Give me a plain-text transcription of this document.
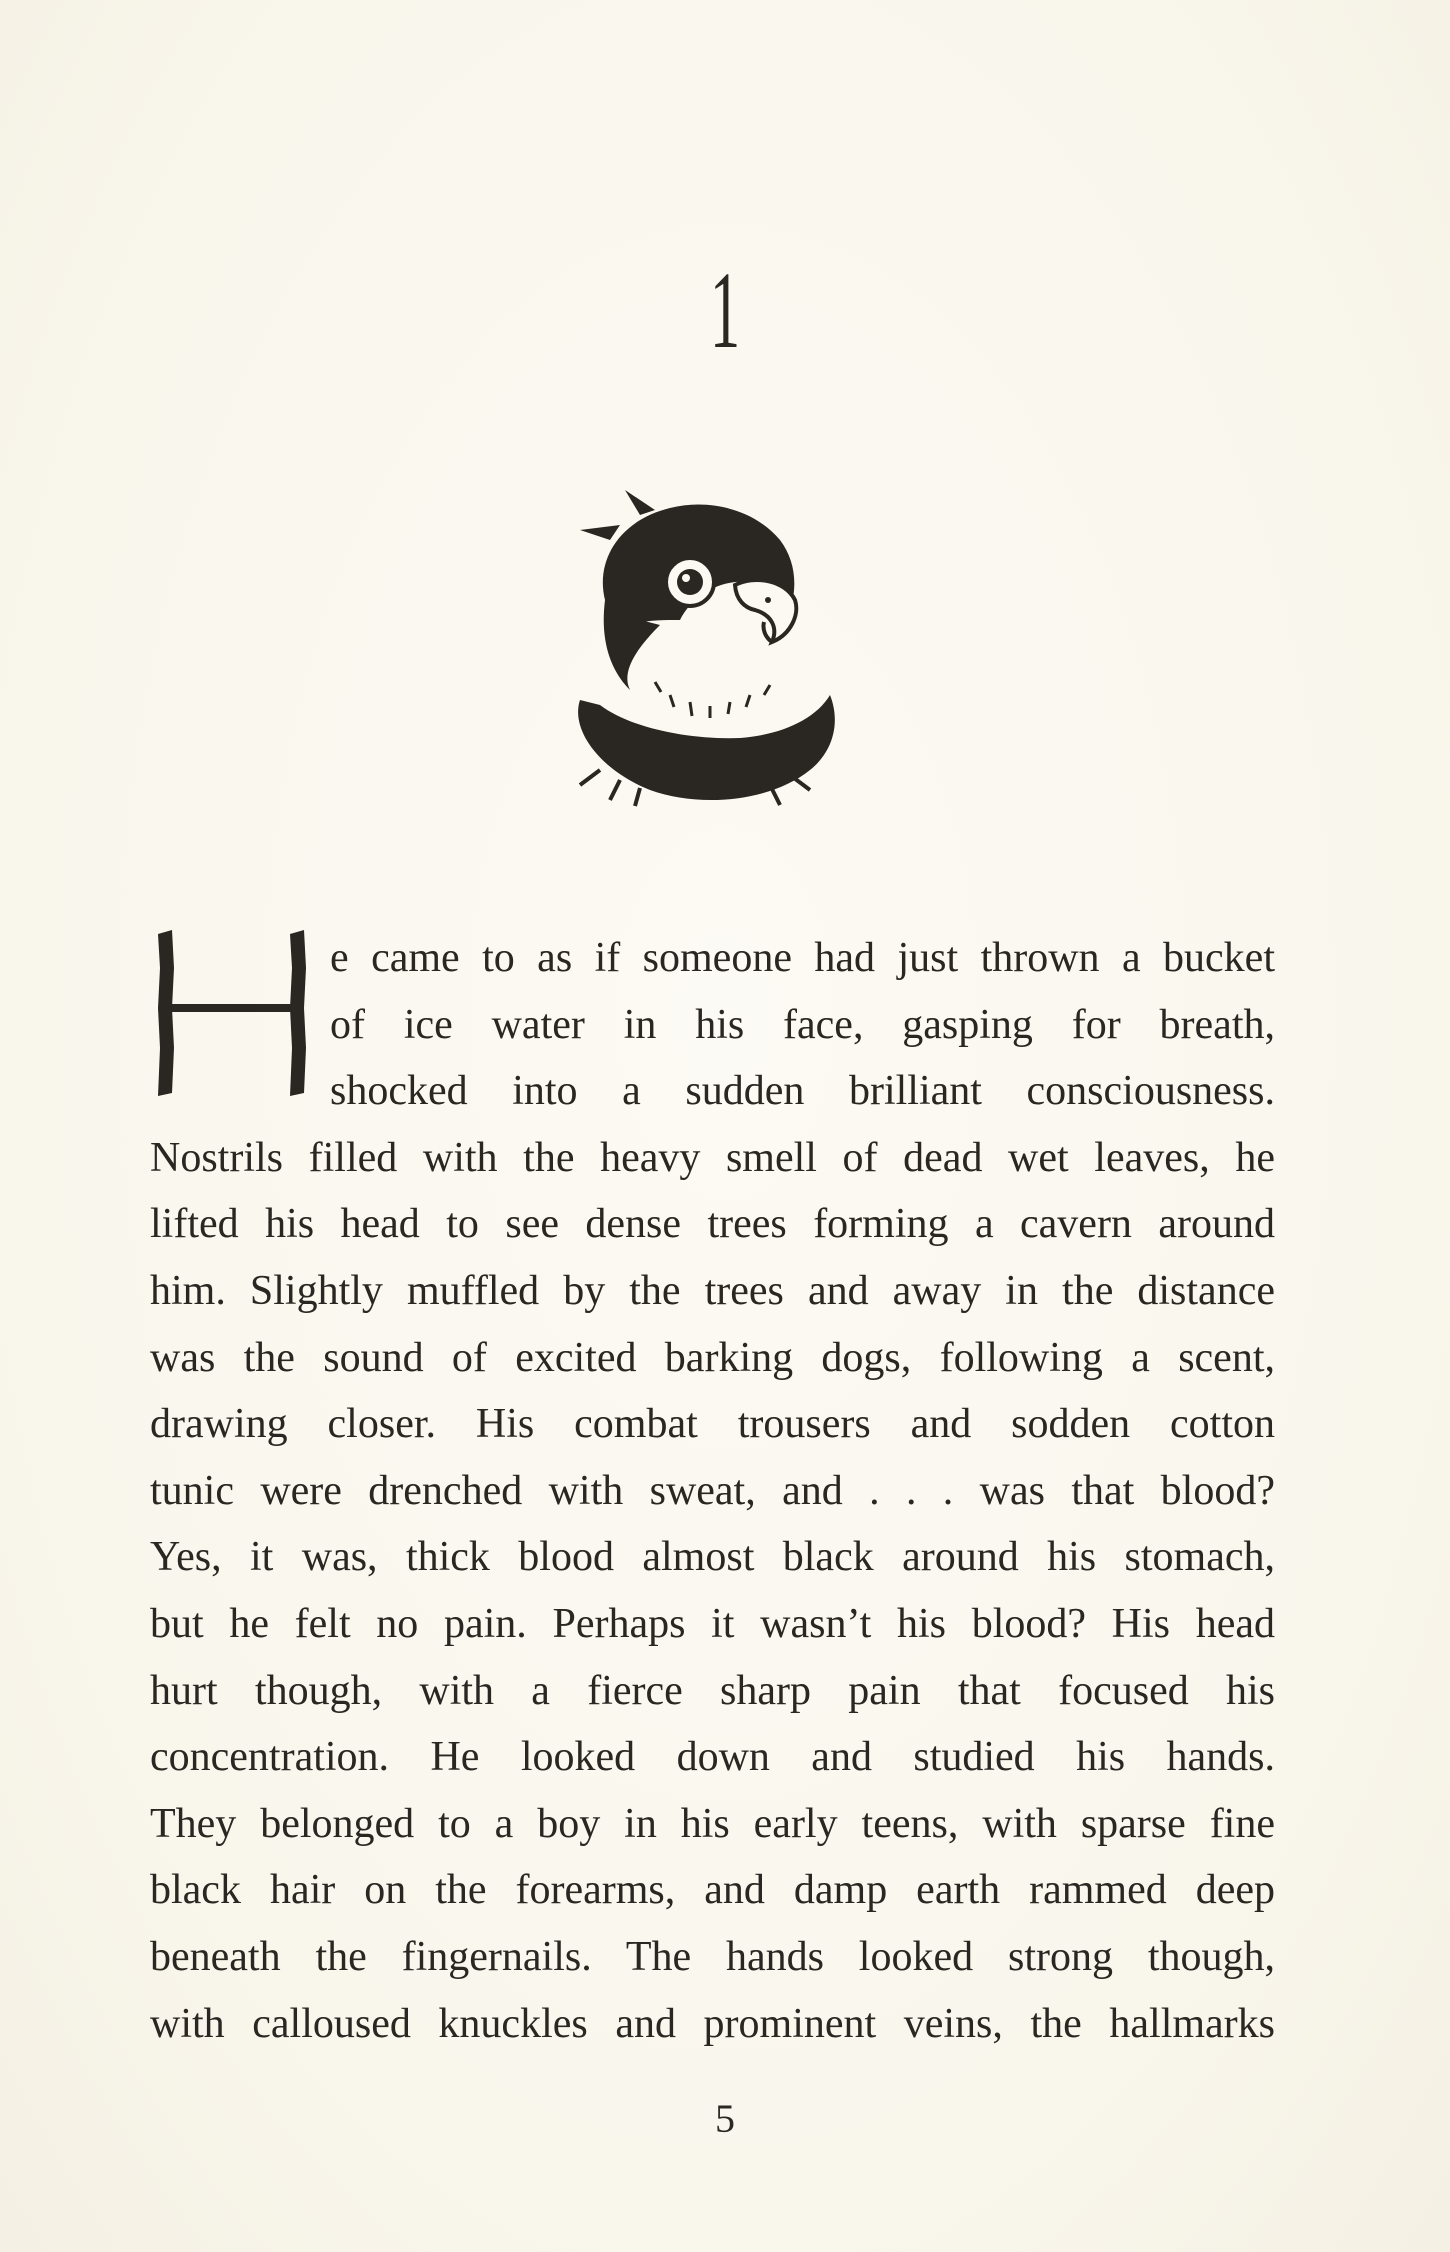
1
e came to as if someone had just thrown a bucket
of ice water in his face, gasping for breath,
shocked into a sudden brilliant consciousness.
Nostrils filled with the heavy smell of dead wet leaves, he
lifted his head to see dense trees forming a cavern around
him. Slightly muffled by the trees and away in the distance
was the sound of excited barking dogs, following a scent,
drawing closer. His combat trousers and sodden cotton
tunic were drenched with sweat, and . . . was that blood?
Yes, it was, thick blood almost black around his stomach,
but he felt no pain. Perhaps it wasn’t his blood? His head
hurt though, with a fierce sharp pain that focused his
concentration. He looked down and studied his hands.
They belonged to a boy in his early teens, with sparse fine
black hair on the forearms, and damp earth rammed deep
beneath the fingernails. The hands looked strong though,
with calloused knuckles and prominent veins, the hallmarks
5
